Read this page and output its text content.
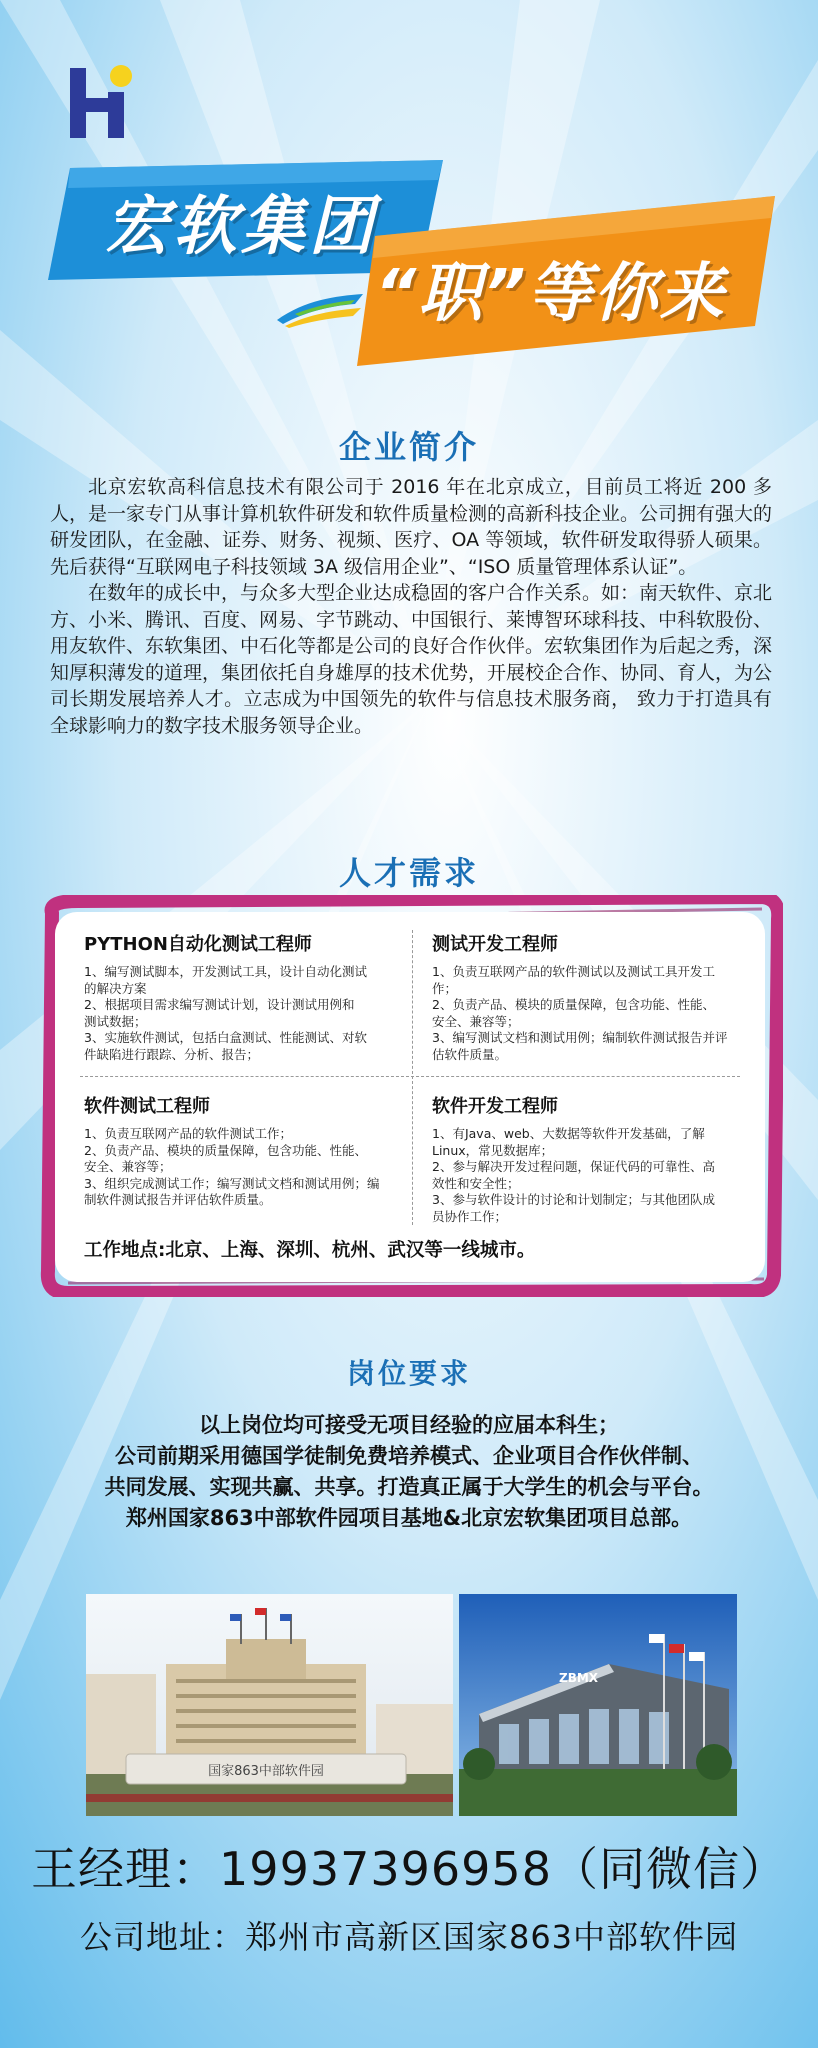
宏软集团
“职”等你来
企业简介

北京宏软高科信息技术有限公司于 2016 年在北京成立，目前员工将近 200 多人，是一家专门从事计算机软件研发和软件质量检测的高新科技企业。公司拥有强大的研发团队，在金融、证券、财务、视频、医疗、OA 等领域，软件研发取得骄人硕果。先后获得“互联网电子科技领域 3A 级信用企业”、“ISO 质量管理体系认证”。

在数年的成长中，与众多大型企业达成稳固的客户合作关系。如：南天软件、京北方、小米、腾讯、百度、网易、字节跳动、中国银行、莱博智环球科技、中科软股份、用友软件、东软集团、中石化等都是公司的良好合作伙伴。宏软集团作为后起之秀，深知厚积薄发的道理，集团依托自身雄厚的技术优势，开展校企合作、协同、育人，为公司长期发展培养人才。立志成为中国领先的软件与信息技术服务商， 致力于打造具有全球影响力的数字技术服务领导企业。

人才需求
PYTHON自动化测试工程师
1、编写测试脚本，开发测试工具，设计自动化测试
的解决方案
2、根据项目需求编写测试计划，设计测试用例和
测试数据；
3、实施软件测试，包括白盒测试、性能测试、对软
件缺陷进行跟踪、分析、报告；
测试开发工程师
1、负责互联网产品的软件测试以及测试工具开发工
作；
2、负责产品、模块的质量保障，包含功能、性能、
安全、兼容等；
3、编写测试文档和测试用例；编制软件测试报告并评
估软件质量。
软件测试工程师
1、负责互联网产品的软件测试工作；
2、负责产品、模块的质量保障，包含功能、性能、
安全、兼容等；
3、组织完成测试工作；编写测试文档和测试用例；编
制软件测试报告并评估软件质量。
软件开发工程师
1、有Java、web、大数据等软件开发基础，了解
Linux，常见数据库；
2、参与解决开发过程问题，保证代码的可靠性、高
效性和安全性；
3、参与软件设计的讨论和计划制定；与其他团队成
员协作工作；
工作地点:北京、上海、深圳、杭州、武汉等一线城市。
岗位要求
以上岗位均可接受无项目经验的应届本科生；
公司前期采用德国学徒制免费培养模式、企业项目合作伙伴制、
共同发展、实现共赢、共享。打造真正属于大学生的机会与平台。
郑州国家863中部软件园项目基地&北京宏软集团项目总部。
国家863中部软件园
ZBMX
王经理：19937396958（同微信）
公司地址：郑州市高新区国家863中部软件园
